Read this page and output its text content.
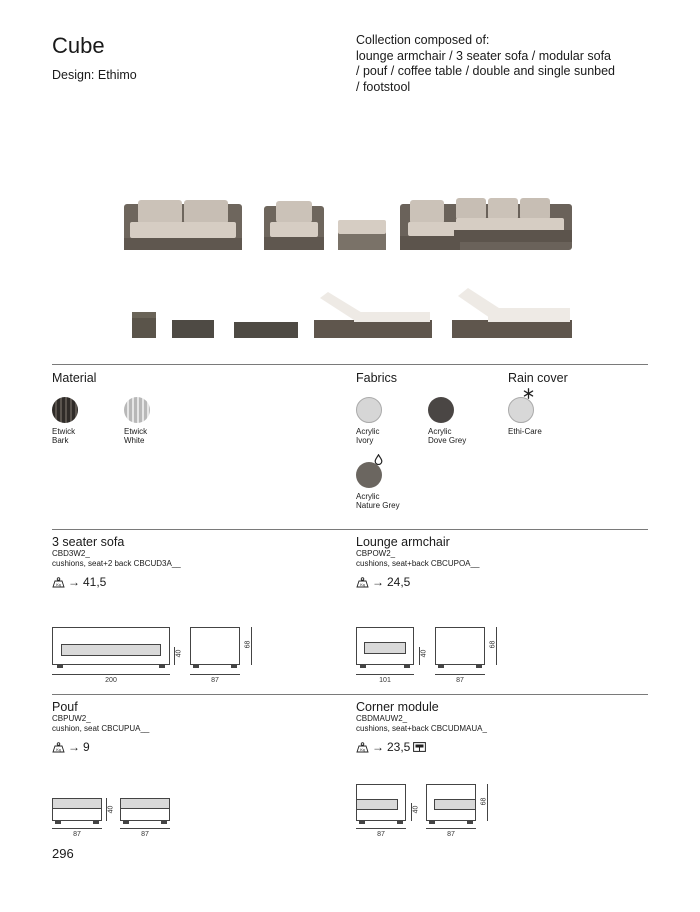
Cube
Design: Ethimo
Collection composed of:
lounge armchair / 3 seater sofa / modular sofa
/ pouf / coffee table / double and single sunbed
/ footstool
Material
Etwick
Bark
Etwick
White
Fabrics
Acrylic
Ivory
Acrylic
Dove Grey
Acrylic
Nature Grey
Rain cover
Ethi-Care
3 seater sofa
CBD3W2_
cushions, seat+2 back CBCUD3A__
Kg → 41,5
200
40
87
68
Lounge armchair
CBPOW2_
cushions, seat+back CBCUPOA__
Kg → 24,5
101
40
87
68
Pouf
CBPUW2_
cushion, seat CBCUPUA__
Kg → 9
87
40
87
Corner module
CBDMAUW2_
cushions, seat+back CBCUDMAUA_
Kg → 23,5
87
40
87
68
296
